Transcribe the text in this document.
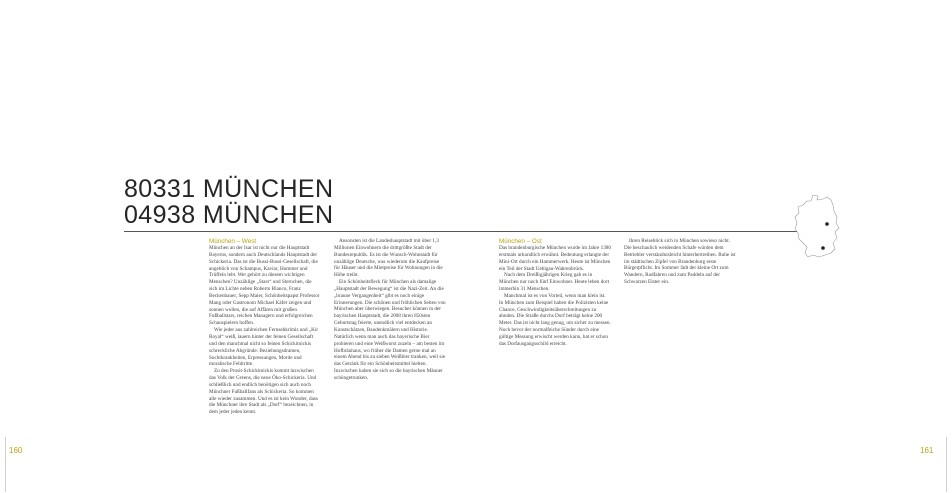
80331 MÜNCHEN
04938 MÜNCHEN
München – West

München an der Isar ist nicht nur die Hauptstadt Bayerns, sondern auch Deutschlands Hauptstadt der Schickeria. Das ist die Bussi-Bussi-Gesellschaft, die angeblich von Schampus, Kaviar, Hummer und Trüffeln lebt. Wer gehört zu diesem wichtigen Menschen? Unzählige „Stars“ und Sternchen, die sich im Lichte neben Roberto Blanco, Franz Beckenbauer, Sepp Maier, Schönheitspapst Professor Mang oder Gastronom Michael Käfer zeigen und sonnen wollen, die auf Affären mit großen Fußballstars, reichen Managern und erfolgreichen Schauspielern hoffen.

Wie jeder aus zahlreichen Fernsehkrimis und „Kir Royal“ weiß, lauern hinter der feinen Gesellschaft und den manchmal nicht so feinen Schickimickis schreckliche Abgründe: Beziehungsdramen, Suchtkrankheiten, Erpressungen, Morde und moralische Fehltritte.

Zu den Prosit-Schickimickis kommt inzwischen das Volk der Greens, die neue Öko-Schickeria. Und schließlich und endlich benötigen sich auch noch Münchner Fußballfans als Schickeria. So kommen alle wieder zusammen. Und es ist kein Wunder, dass die Münchner ihre Stadt als „Dorf“ bezeichnen, in dem jeder jeden kennt.

Ansonsten ist die Landeshauptstadt mit über 1,3 Millionen Einwohnern die drittgrößte Stadt der Bundesrepublik. Es ist die Wunsch-Wohnstadt für unzählige Deutsche, was wiederum die Kaufpreise für Häuser und die Mietpreise für Wohnungen in die Höhe treibt.

Ein Schönheitsfleck für München als damalige „Hauptstadt der Bewegung“ ist die Nazi-Zeit. An die „braune Vergangenheit“ gibt es noch einige Erinnerungen. Die schönen und fröhlichen Seiten von München aber überwiegen. Besucher können in der bayrischen Hauptstadt, die 2008 ihren 850sten Geburtstag feierte, unendlich viel entdecken an Kunstschätzen, Baudenkmälern und Historie. Natürlich wenn man auch das bayerische Bier probieren und eine Weißwurst zuzeln – am besten im Hofbräuhaus, wo früher die Damen gerne mal an einem Abend bis zu sieben Weißbier tranken, weil sie das Getränk für ein Schönheitsmittel hielten. Inzwischen haben sie sich so die bayrischen Männer schöngetrunken.

München – Ost

Das brandenburgische München wurde im Jahre 1380 erstmals urkundlich erwähnt. Bedeutung erlangte der Mini-Ort durch ein Hammerwerk. Heute ist München ein Teil der Stadt Uebigau-Wahrenbrück.

Nach dem Dreißigjährigen Krieg gab es in München nur noch fünf Einwohner. Heute leben dort immerhin 31 Menschen.

Manchmal ist es von Vorteil, wenn man klein ist. In München zum Beispiel haben die Polizisten keine Chance, Geschwindigkeitsüberschreitungen zu ahnden. Die Straße durchs Dorf beträgt keine 200 Meter. Das ist nicht lang genug, um sicher zu messen. Noch bevor der normalfeiche Sünder durch eine gültige Messung erwischt werden kann, hat er schon das Dorfausgangsschild erreicht.

Ihren Reiseblick sich in München sowieso nicht. Die beschaulich weidenden Schafe würden dem Betriebler verständnisleicht hinterhertreiben. Ruhe ist im städtischen Zipfel von Brandenburg erste Bürgerpflicht. Im Sommer lädt der kleine Ort zum Wandern, Radfahren und zum Paddeln auf der Schwarzen Elster ein.

160	161
